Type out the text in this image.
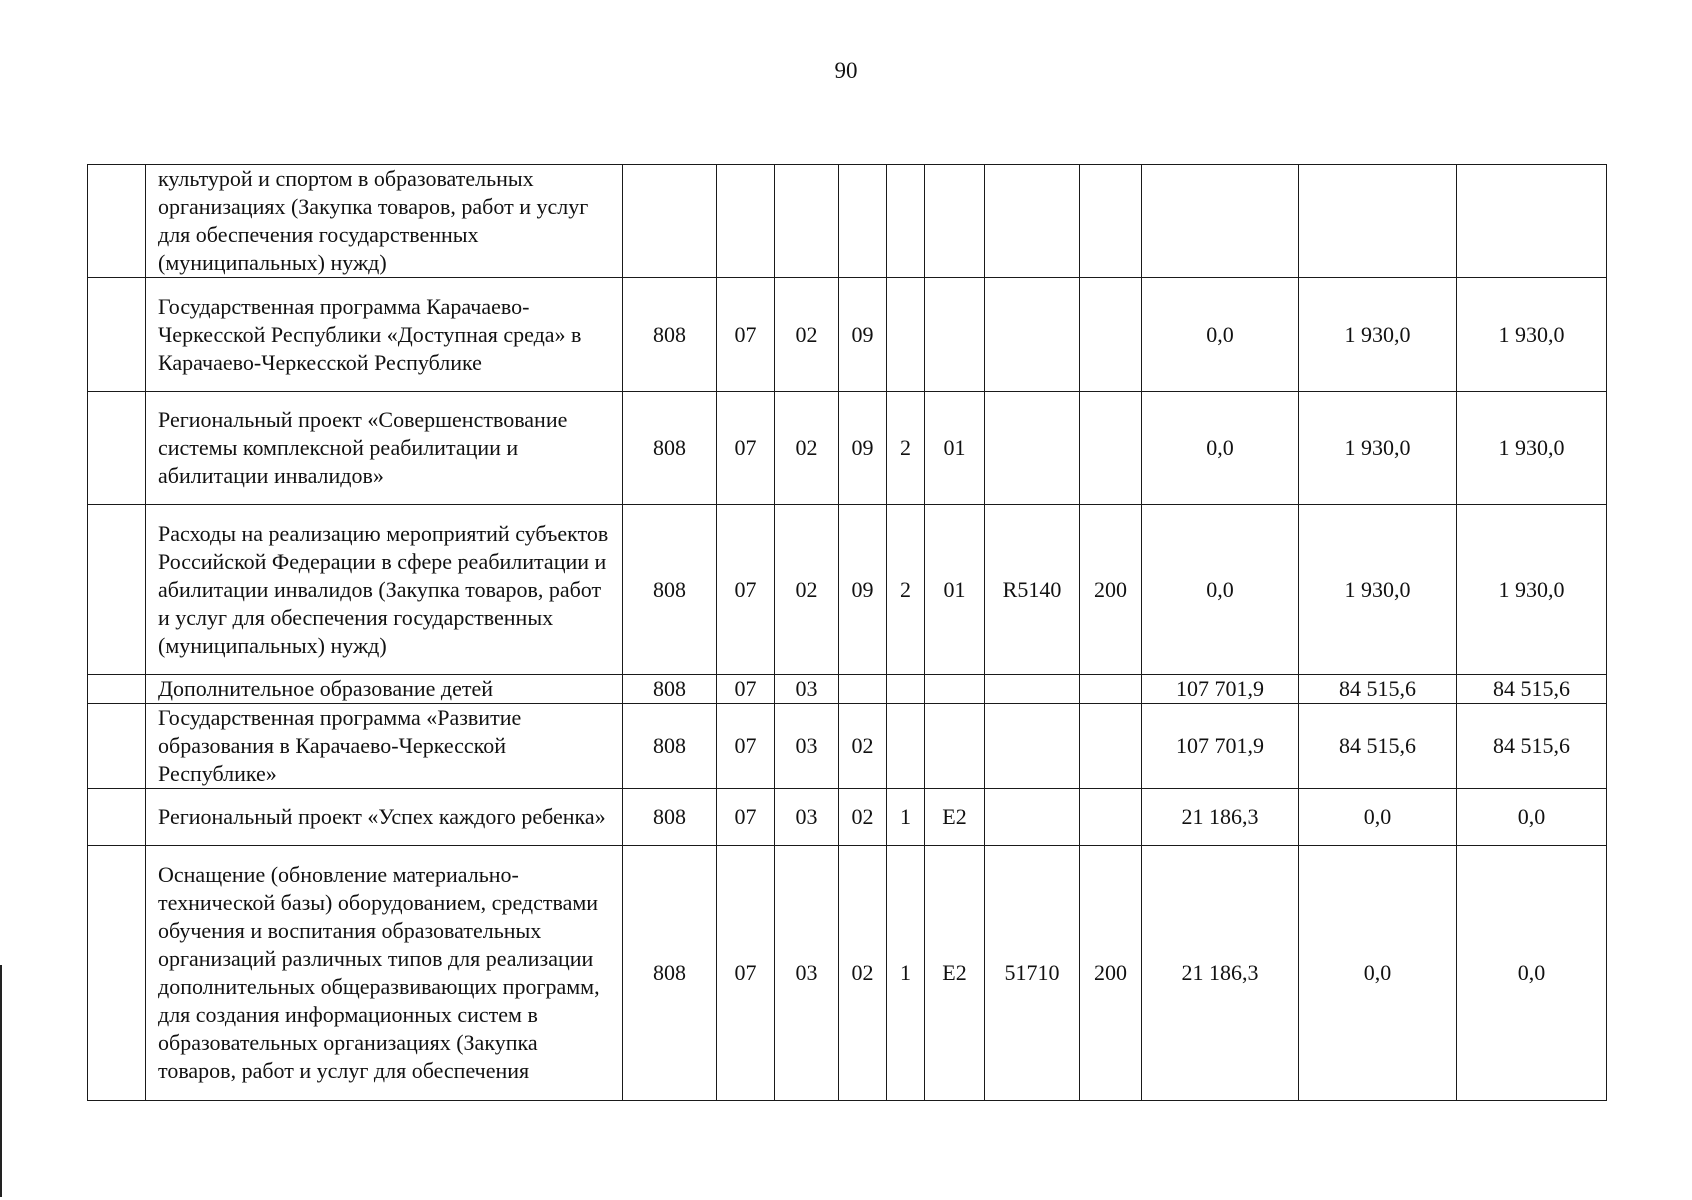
90
	культурой и спортом в образовательных организациях (Закупка товаров, работ и услуг для обеспечения государственных (муниципальных) нужд)											
	Государственная программа Карачаево-Черкесской Республики «Доступная среда» в Карачаево-Черкесской Республике	808	07	02	09					0,0	1 930,0	1 930,0
	Региональный проект «Совершенствование системы комплексной реабилитации и абилитации инвалидов»	808	07	02	09	2	01			0,0	1 930,0	1 930,0
	Расходы на реализацию мероприятий субъектов Российской Федерации в сфере реабилитации и абилитации инвалидов (Закупка товаров, работ и услуг для обеспечения государственных (муниципальных) нужд)	808	07	02	09	2	01	R5140	200	0,0	1 930,0	1 930,0
	Дополнительное образование детей	808	07	03						107 701,9	84 515,6	84 515,6
	Государственная программа «Развитие образования в Карачаево-Черкесской Республике»	808	07	03	02					107 701,9	84 515,6	84 515,6
	Региональный проект «Успех каждого ребенка»	808	07	03	02	1	E2			21 186,3	0,0	0,0
	Оснащение (обновление материально-технической базы) оборудованием, средствами обучения и воспитания образовательных организаций различных типов для реализации дополнительных общеразвивающих программ, для создания информационных систем в образовательных организациях (Закупка товаров, работ и услуг для обеспечения	808	07	03	02	1	E2	51710	200	21 186,3	0,0	0,0
